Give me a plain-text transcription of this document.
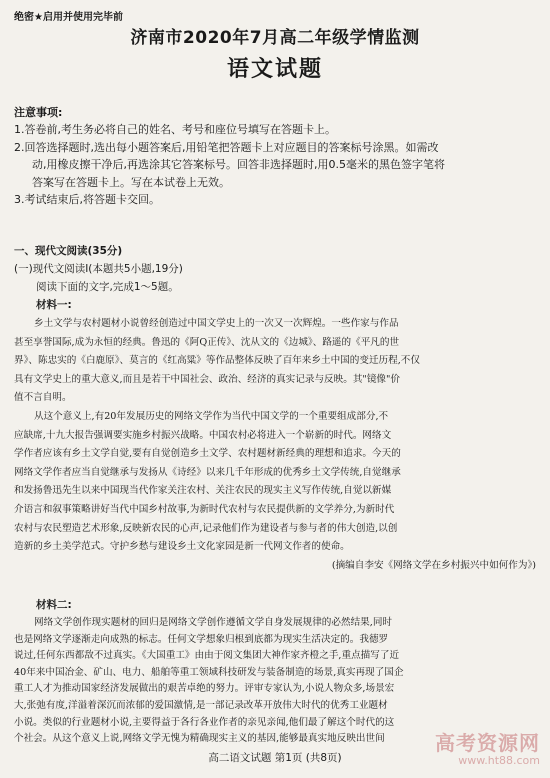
绝密★启用并使用完毕前
济南市2020年7月高二年级学情监测
语文试题
注意事项:
1.答卷前,考生务必将自己的姓名、考号和座位号填写在答题卡上。
2.回答选择题时,选出每小题答案后,用铅笔把答题卡上对应题目的答案标号涂黑。如需改
动,用橡皮擦干净后,再选涂其它答案标号。回答非选择题时,用0.5毫米的黑色签字笔将
答案写在答题卡上。写在本试卷上无效。
3.考试结束后,将答题卡交回。
一、现代文阅读(35分)
(一)现代文阅读Ⅰ(本题共5小题,19分)
阅读下面的文字,完成1～5题。
材料一:
乡土文学与农村题材小说曾经创造过中国文学史上的一次又一次辉煌。一些作家与作品
甚至享誉国际,成为永恒的经典。鲁迅的《阿Q正传》、沈从文的《边城》、路遥的《平凡的世
界》、陈忠实的《白鹿原》、莫言的《红高粱》等作品整体反映了百年来乡土中国的变迁历程,不仅
具有文学史上的重大意义,而且是若干中国社会、政治、经济的真实记录与反映。其"镜像"价
值不言自明。
从这个意义上,有20年发展历史的网络文学作为当代中国文学的一个重要组成部分,不
应缺席,十九大报告强调要实施乡村振兴战略。中国农村必将进入一个崭新的时代。网络文
学作者应该有乡土文学自觉,要有自觉创造乡土文学、农村题材新经典的理想和追求。今天的
网络文学作者应当自觉继承与发扬从《诗经》以来几千年形成的优秀乡土文学传统,自觉继承
和发扬鲁迅先生以来中国现当代作家关注农村、关注农民的现实主义写作传统,自觉以新媒
介语言和叙事策略讲好当代中国乡村故事,为新时代农村与农民提供新的文学养分,为新时代
农村与农民塑造艺术形象,反映新农民的心声,记录他们作为建设者与参与者的伟大创造,以创
造新的乡土美学范式。守护乡愁与建设乡土文化家园是新一代网文作者的使命。
(摘编自李安《网络文学在乡村振兴中如何作为》)
材料二:
网络文学创作现实题材的回归是网络文学创作遵循文学自身发展规律的必然结果,同时
也是网络文学逐渐走向成熟的标志。任何文学想象归根到底都为现实生活决定的。我德罗
说过,任何东西都敌不过真实。《大国重工》由由于阅文集团大神作家齐橙之手,重点描写了近
40年来中国冶金、矿山、电力、船舶等重工领域科技研发与装备制造的场景,真实再现了国企
重工人才为推动国家经济发展做出的艰苦卓绝的努力。评审专家认为,小说人物众多,场景宏
大,张弛有度,洋溢着深沉而浓郁的爱国激情,是一部记录改革开放伟大时代的优秀工业题材
小说。类似的行业题材小说,主要得益于各行各业作者的亲见亲闻,他们最了解这个时代的这
个社会。从这个意义上说,网络文学无愧为精确现实主义的基因,能够最真实地反映出世间
高二语文试题 第1页 (共8页)
高考资源网
www.ht88.com
